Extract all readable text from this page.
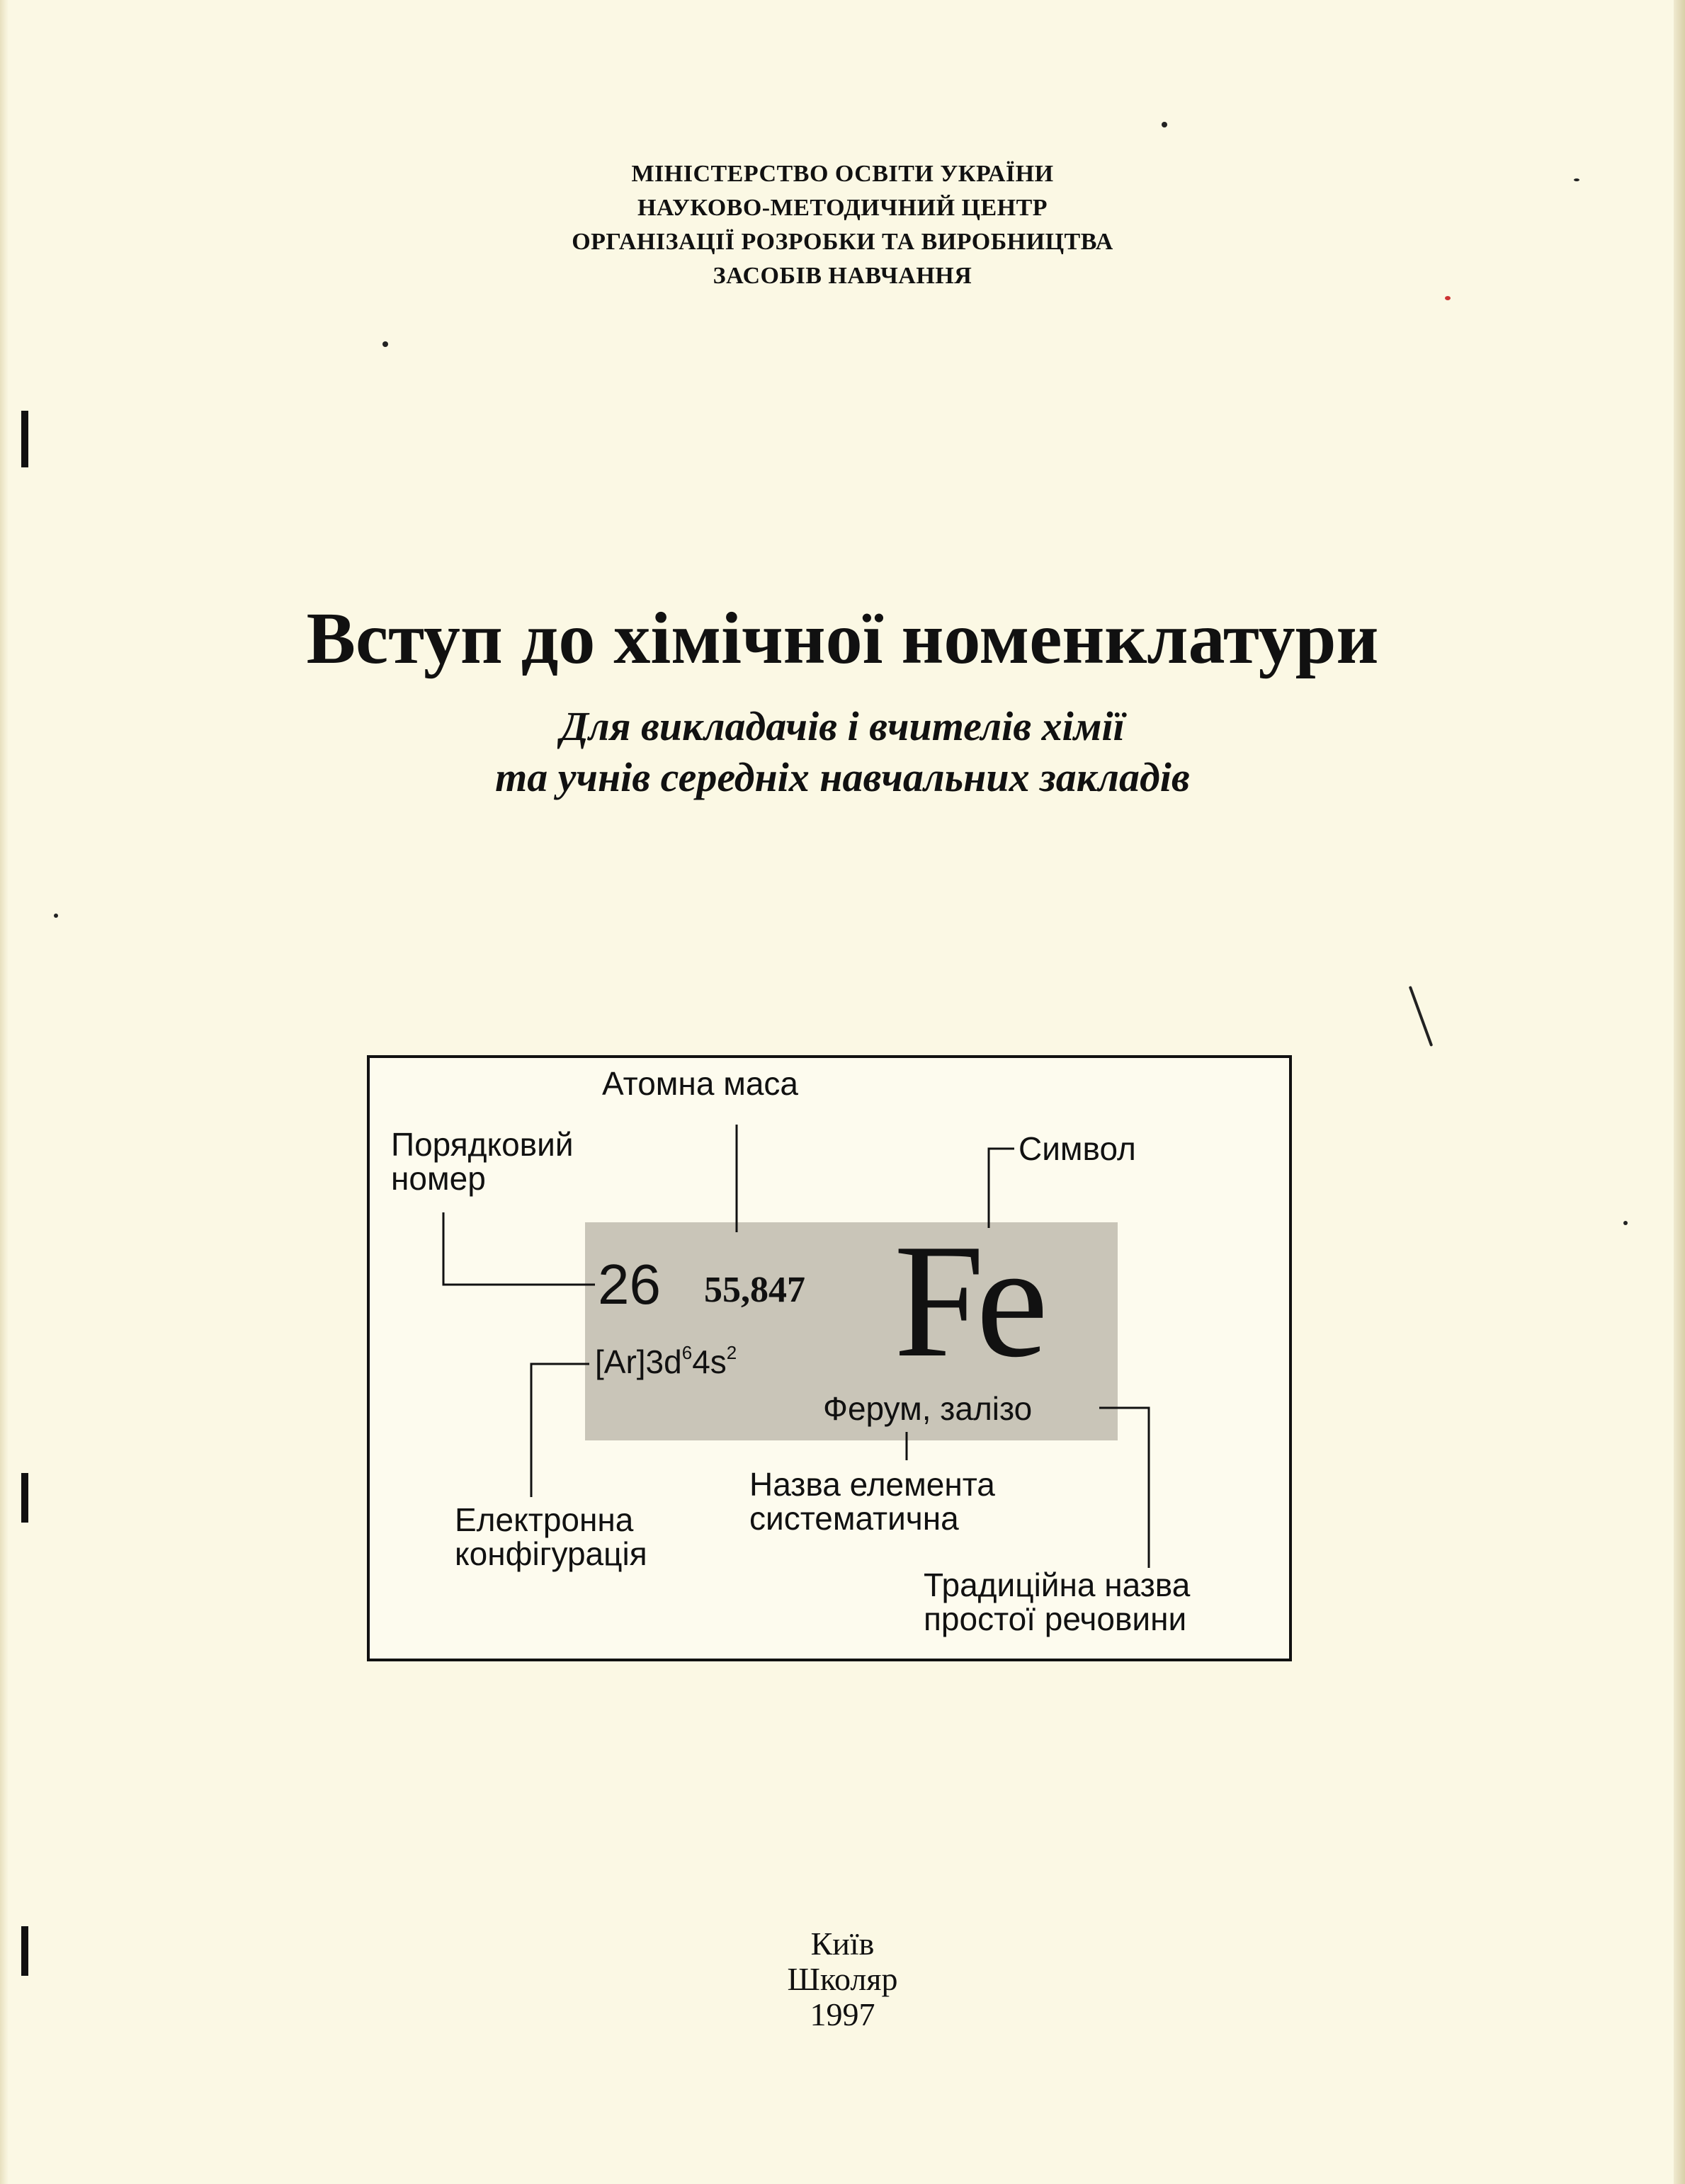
МІНІСТЕРСТВО ОСВІТИ УКРАЇНИ
НАУКОВО-МЕТОДИЧНИЙ ЦЕНТР
ОРГАНІЗАЦІЇ РОЗРОБКИ ТА ВИРОБНИЦТВА
ЗАСОБІВ НАВЧАННЯ
Вступ до хімічної номенклатури
Для викладачів і вчителів хімії
та учнів середніх навчальних закладів
Атомна маса
Порядковий
номер
Символ
26 55,847 Fe
$[Ar]3d^64s^2$
Ферум, залізо
Назва елемента
систематична
Електронна
конфігурація
Традиційна назва
простої речовини
Київ
Школяр
1997
